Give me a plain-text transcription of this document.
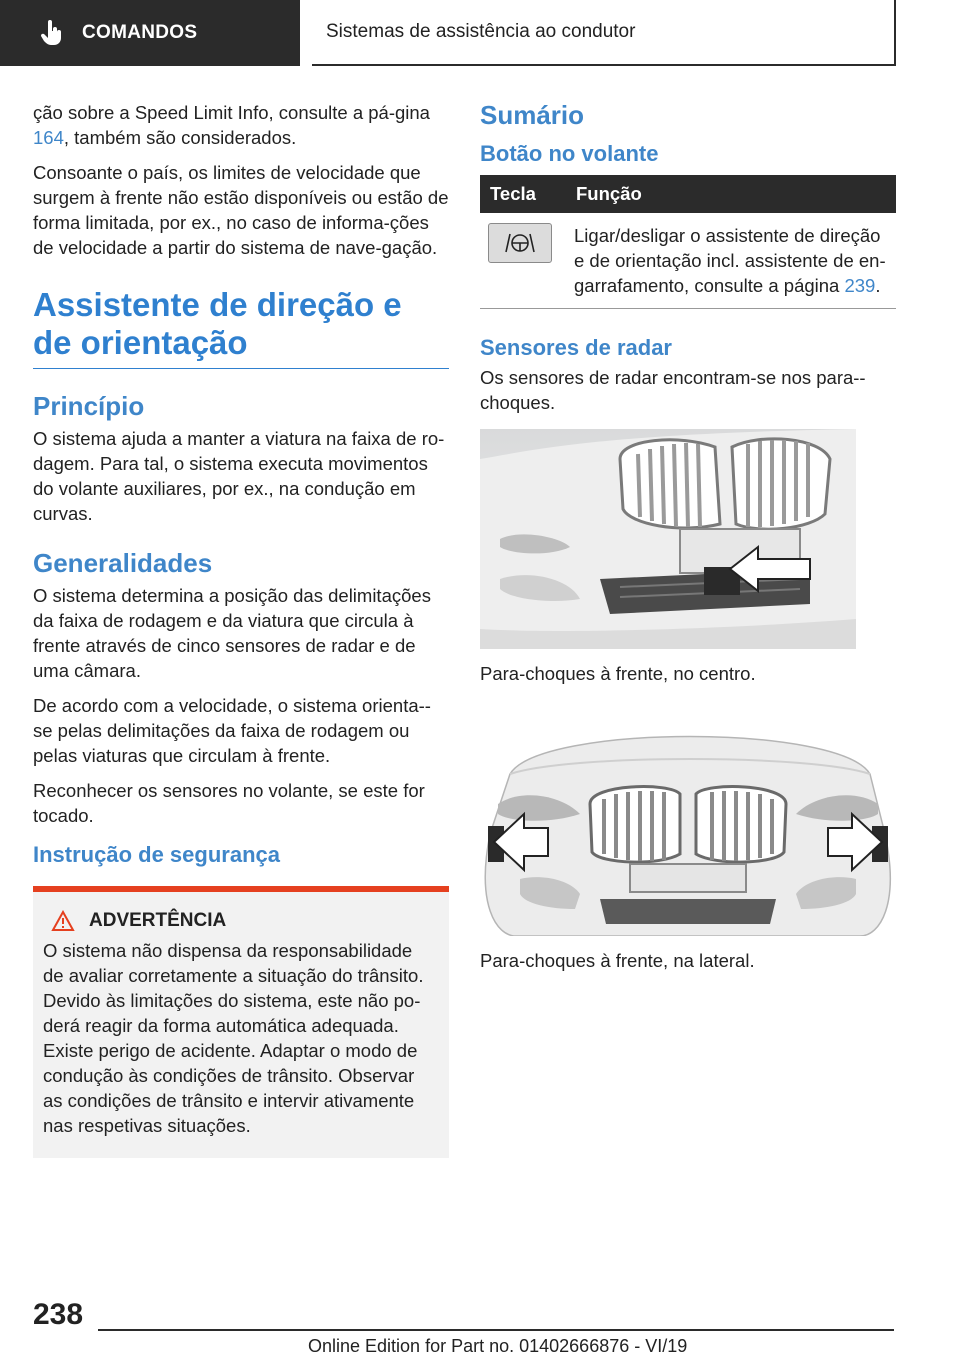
COMANDOS	Sistemas de assistência ao condutor

ção sobre a Speed Limit Info, consulte a pá-gina 164, também são considerados.

Consoante o país, os limites de velocidade que surgem à frente não estão disponíveis ou estão de forma limitada, por ex., no caso de informa-ções de velocidade a partir do sistema de nave-gação.

Assistente de direção e de orientação
Princípio

O sistema ajuda a manter a viatura na faixa de ro-dagem. Para tal, o sistema executa movimentos do volante auxiliares, por ex., na condução em curvas.

Generalidades

O sistema determina a posição das delimitações da faixa de rodagem e da viatura que circula à frente através de cinco sensores de radar e de uma câmara.

De acordo com a velocidade, o sistema orienta--se pelas delimitações da faixa de rodagem ou pelas viaturas que circulam à frente.

Reconhecer os sensores no volante, se este for tocado.

Instrução de segurança
ADVERTÊNCIA

O sistema não dispensa da responsabilidade de avaliar corretamente a situação do trânsito. Devido às limitações do sistema, este não po-derá reagir da forma automática adequada. Existe perigo de acidente. Adaptar o modo de condução às condições de trânsito. Observar as condições de trânsito e intervir ativamente nas respetivas situações.

Sumário
Botão no volante
Tecla	Função

	Ligar/desligar o assistente de direção e de orientação incl. assistente de en-garrafamento, consulte a página 239.
Sensores de radar

Os sensores de radar encontram-se nos para--choques.

Para-choques à frente, no centro.

Para-choques à frente, na lateral.

238
Online Edition for Part no. 01402666876 - VI/19
